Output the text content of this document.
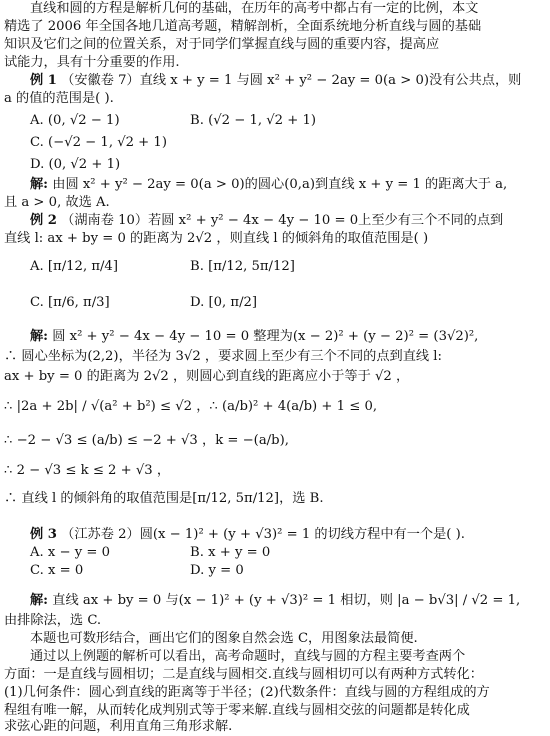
直线和圆的方程是解析几何的基础，在历年的高考中都占有一定的比例，本文
精选了 2006 年全国各地几道高考题，精解剖析，全面系统地分析直线与圆的基础
知识及它们之间的位置关系，对于同学们掌握直线与圆的重要内容，提高应
试能力，具有十分重要的作用.
例 1 （安徽卷 7）直线 x + y = 1 与圆 x² + y² − 2ay = 0(a > 0)没有公共点，则
a 的值的范围是( ).
A. (0, √2 − 1)	B. (√2 − 1, √2 + 1)
C. (−√2 − 1, √2 + 1)
D. (0, √2 + 1)
解: 由圆 x² + y² − 2ay = 0(a > 0)的圆心(0,a)到直线 x + y = 1 的距离大于 a,
且 a > 0, 故选 A.
例 2 （湖南卷 10）若圆 x² + y² − 4x − 4y − 10 = 0上至少有三个不同的点到
直线 l: ax + by = 0 的距离为 2√2 ，则直线 l 的倾斜角的取值范围是( )
A. [π/12, π/4]	B. [π/12, 5π/12]
C. [π/6, π/3]	D. [0, π/2]
解: 圆 x² + y² − 4x − 4y − 10 = 0 整理为(x − 2)² + (y − 2)² = (3√2)²,
∴ 圆心坐标为(2,2)，半径为 3√2 ，要求圆上至少有三个不同的点到直线 l:
ax + by = 0 的距离为 2√2 ，则圆心到直线的距离应小于等于 √2 ，
∴ |2a + 2b| / √(a² + b²) ≤ √2 ，∴ (a/b)² + 4(a/b) + 1 ≤ 0,
∴ −2 − √3 ≤ (a/b) ≤ −2 + √3 ，k = −(a/b),
∴ 2 − √3 ≤ k ≤ 2 + √3 ，
∴ 直线 l 的倾斜角的取值范围是[π/12, 5π/12]，选 B.
例 3 （江苏卷 2）圆(x − 1)² + (y + √3)² = 1 的切线方程中有一个是( ).
A. x − y = 0	B. x + y = 0
C. x = 0	D. y = 0
解: 直线 ax + by = 0 与(x − 1)² + (y + √3)² = 1 相切，则 |a − b√3| / √2 = 1,
由排除法，选 C.
本题也可数形结合，画出它们的图象自然会选 C，用图象法最简便.
通过以上例题的解析可以看出，高考命题时，直线与圆的方程主要考查两个
方面：一是直线与圆相切；二是直线与圆相交.直线与圆相切可以有两种方式转化：
(1)几何条件：圆心到直线的距离等于半径；(2)代数条件：直线与圆的方程组成的方
程组有唯一解，从而转化成判别式等于零来解.直线与圆相交弦的问题都是转化成
求弦心距的问题，利用直角三角形求解.
